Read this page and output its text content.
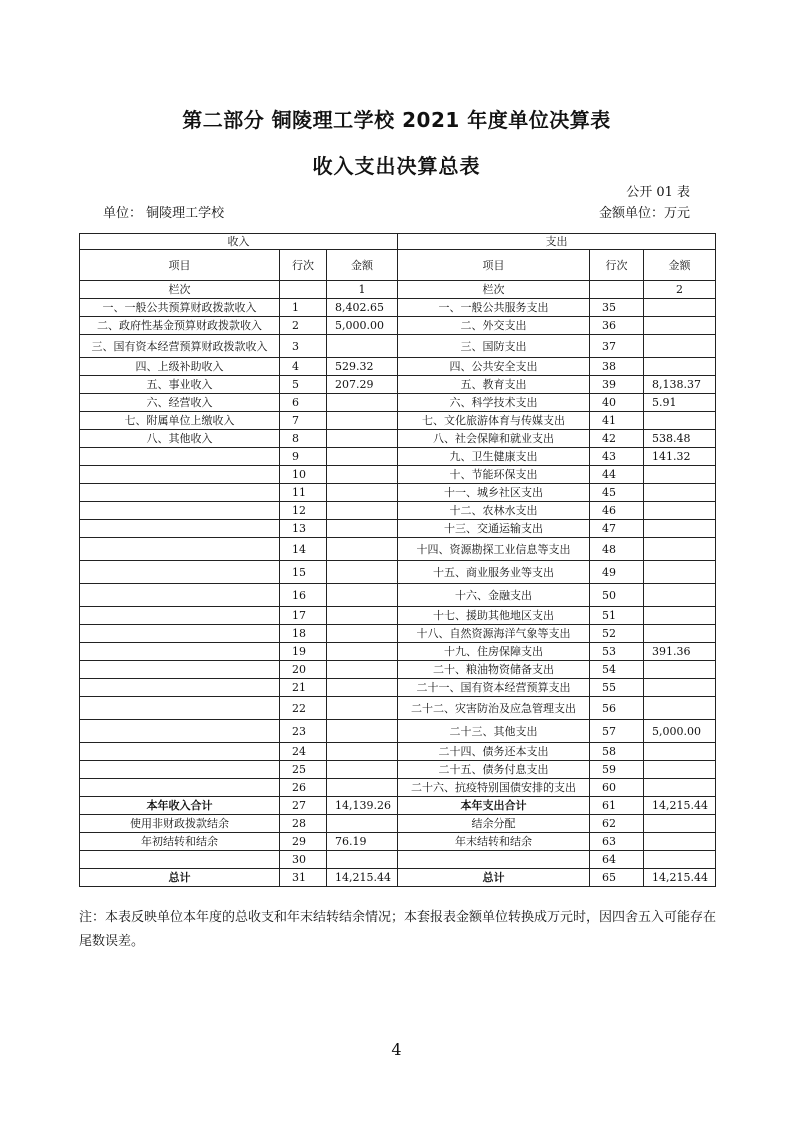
第二部分 铜陵理工学校 2021 年度单位决算表
收入支出决算总表
公开 01 表
单位： 铜陵理工学校	金额单位：万元
收入			支出		
项目	行次	金额	项目	行次	金额
栏次		1	栏次		2
一、一般公共预算财政拨款收入	1	8,402.65	一、一般公共服务支出	35	
二、政府性基金预算财政拨款收入	2	5,000.00	二、外交支出	36	
三、国有资本经营预算财政拨款收入	3		三、国防支出	37	
四、上级补助收入	4	529.32	四、公共安全支出	38	
五、事业收入	5	207.29	五、教育支出	39	8,138.37
六、经营收入	6		六、科学技术支出	40	5.91
七、附属单位上缴收入	7		七、文化旅游体育与传媒支出	41	
八、其他收入	8		八、社会保障和就业支出	42	538.48
	9		九、卫生健康支出	43	141.32
	10		十、节能环保支出	44	
	11		十一、城乡社区支出	45	
	12		十二、农林水支出	46	
	13		十三、交通运输支出	47	
	14		十四、资源勘探工业信息等支出	48	
	15		十五、商业服务业等支出	49	
	16		十六、金融支出	50	
	17		十七、援助其他地区支出	51	
	18		十八、自然资源海洋气象等支出	52	
	19		十九、住房保障支出	53	391.36
	20		二十、粮油物资储备支出	54	
	21		二十一、国有资本经营预算支出	55	
	22		二十二、灾害防治及应急管理支出	56	
	23		二十三、其他支出	57	5,000.00
	24		二十四、债务还本支出	58	
	25		二十五、债务付息支出	59	
	26		二十六、抗疫特别国债安排的支出	60	
本年收入合计	27	14,139.26	本年支出合计	61	14,215.44
使用非财政拨款结余	28		结余分配	62	
年初结转和结余	29	76.19	年末结转和结余	63	
	30			64	
总计	31	14,215.44	总计	65	14,215.44
注：本表反映单位本年度的总收支和年末结转结余情况；本套报表金额单位转换成万元时，因四舍五入可能存在尾数误差。
4
